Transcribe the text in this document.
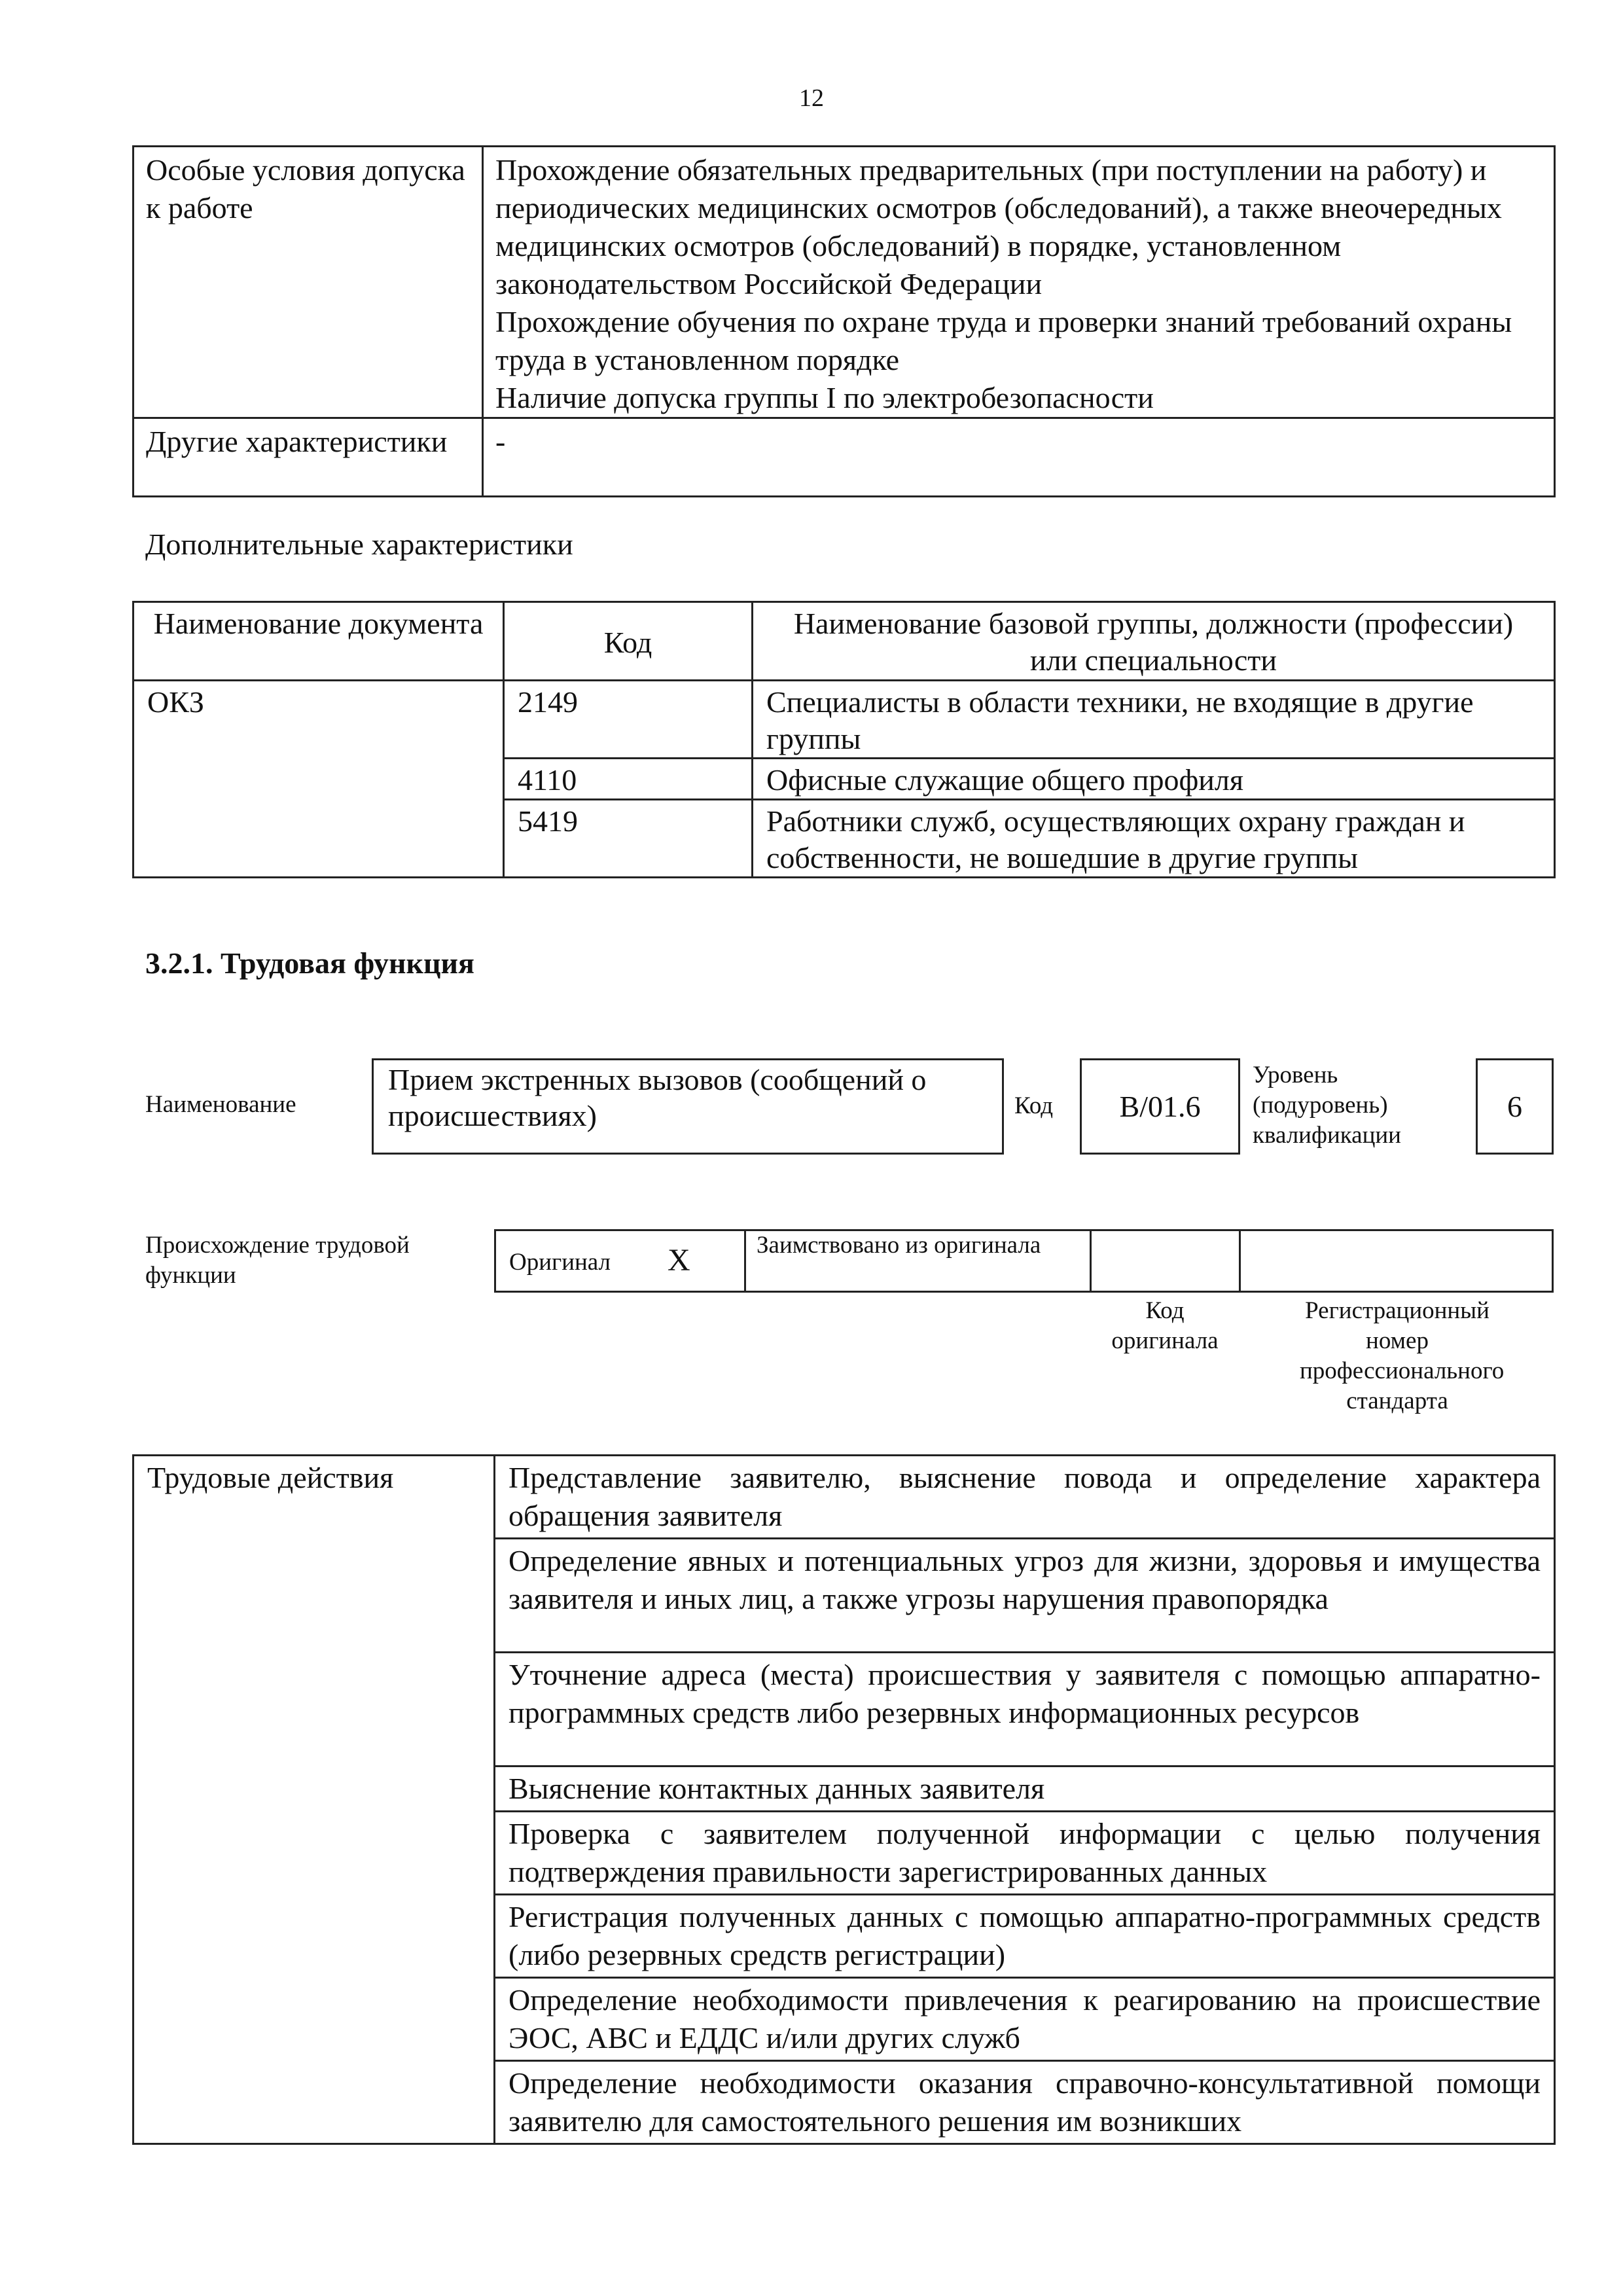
12
Особые условия допуска к работе	Прохождение обязательных предварительных (при поступлении на работу) и периодических медицинских осмотров (обследований), а также внеочередных медицинских осмотров (обследований) в порядке, установленном законодательством Российской Федерации

Прохождение обучения по охране труда и проверки знаний требований охраны труда в установленном порядке

Наличие допуска группы I по электробезопасности

Другие характеристики	-
Дополнительные характеристики
Наименование документа	Код	Наименование базовой группы, должности (профессии) или специальности
ОКЗ	2149	Специалисты в области техники, не входящие в другие группы
	4110	Офисные служащие общего профиля
	5419	Работники служб, осуществляющих охрану граждан и собственности, не вошедшие в другие группы
3.2.1. Трудовая функция
Наименование
Прием экстренных вызовов (сообщений о происшествиях)	Код	B/01.6
Уровень (подуровень) квалификации
6
Происхождение трудовой функции	Оригинал X	Заимствовано из оригинала
Код оригинала
Регистрационный номер профессионального стандарта
Трудовые действия	Представление заявителю, выяснение повода и определение характера обращения заявителя
Определение явных и потенциальных угроз для жизни, здоровья и имущества заявителя и иных лиц, а также угрозы нарушения правопорядка
Уточнение адреса (места) происшествия у заявителя с помощью аппаратно-программных средств либо резервных информационных ресурсов
Выяснение контактных данных заявителя
Проверка с заявителем полученной информации с целью получения подтверждения правильности зарегистрированных данных
Регистрация полученных данных с помощью аппаратно-программных средств (либо резервных средств регистрации)
Определение необходимости привлечения к реагированию на происшествие ЭОС, АВС и ЕДДС и/или других служб
Определение необходимости оказания справочно-консультативной помощи заявителю для самостоятельного решения им возникших
